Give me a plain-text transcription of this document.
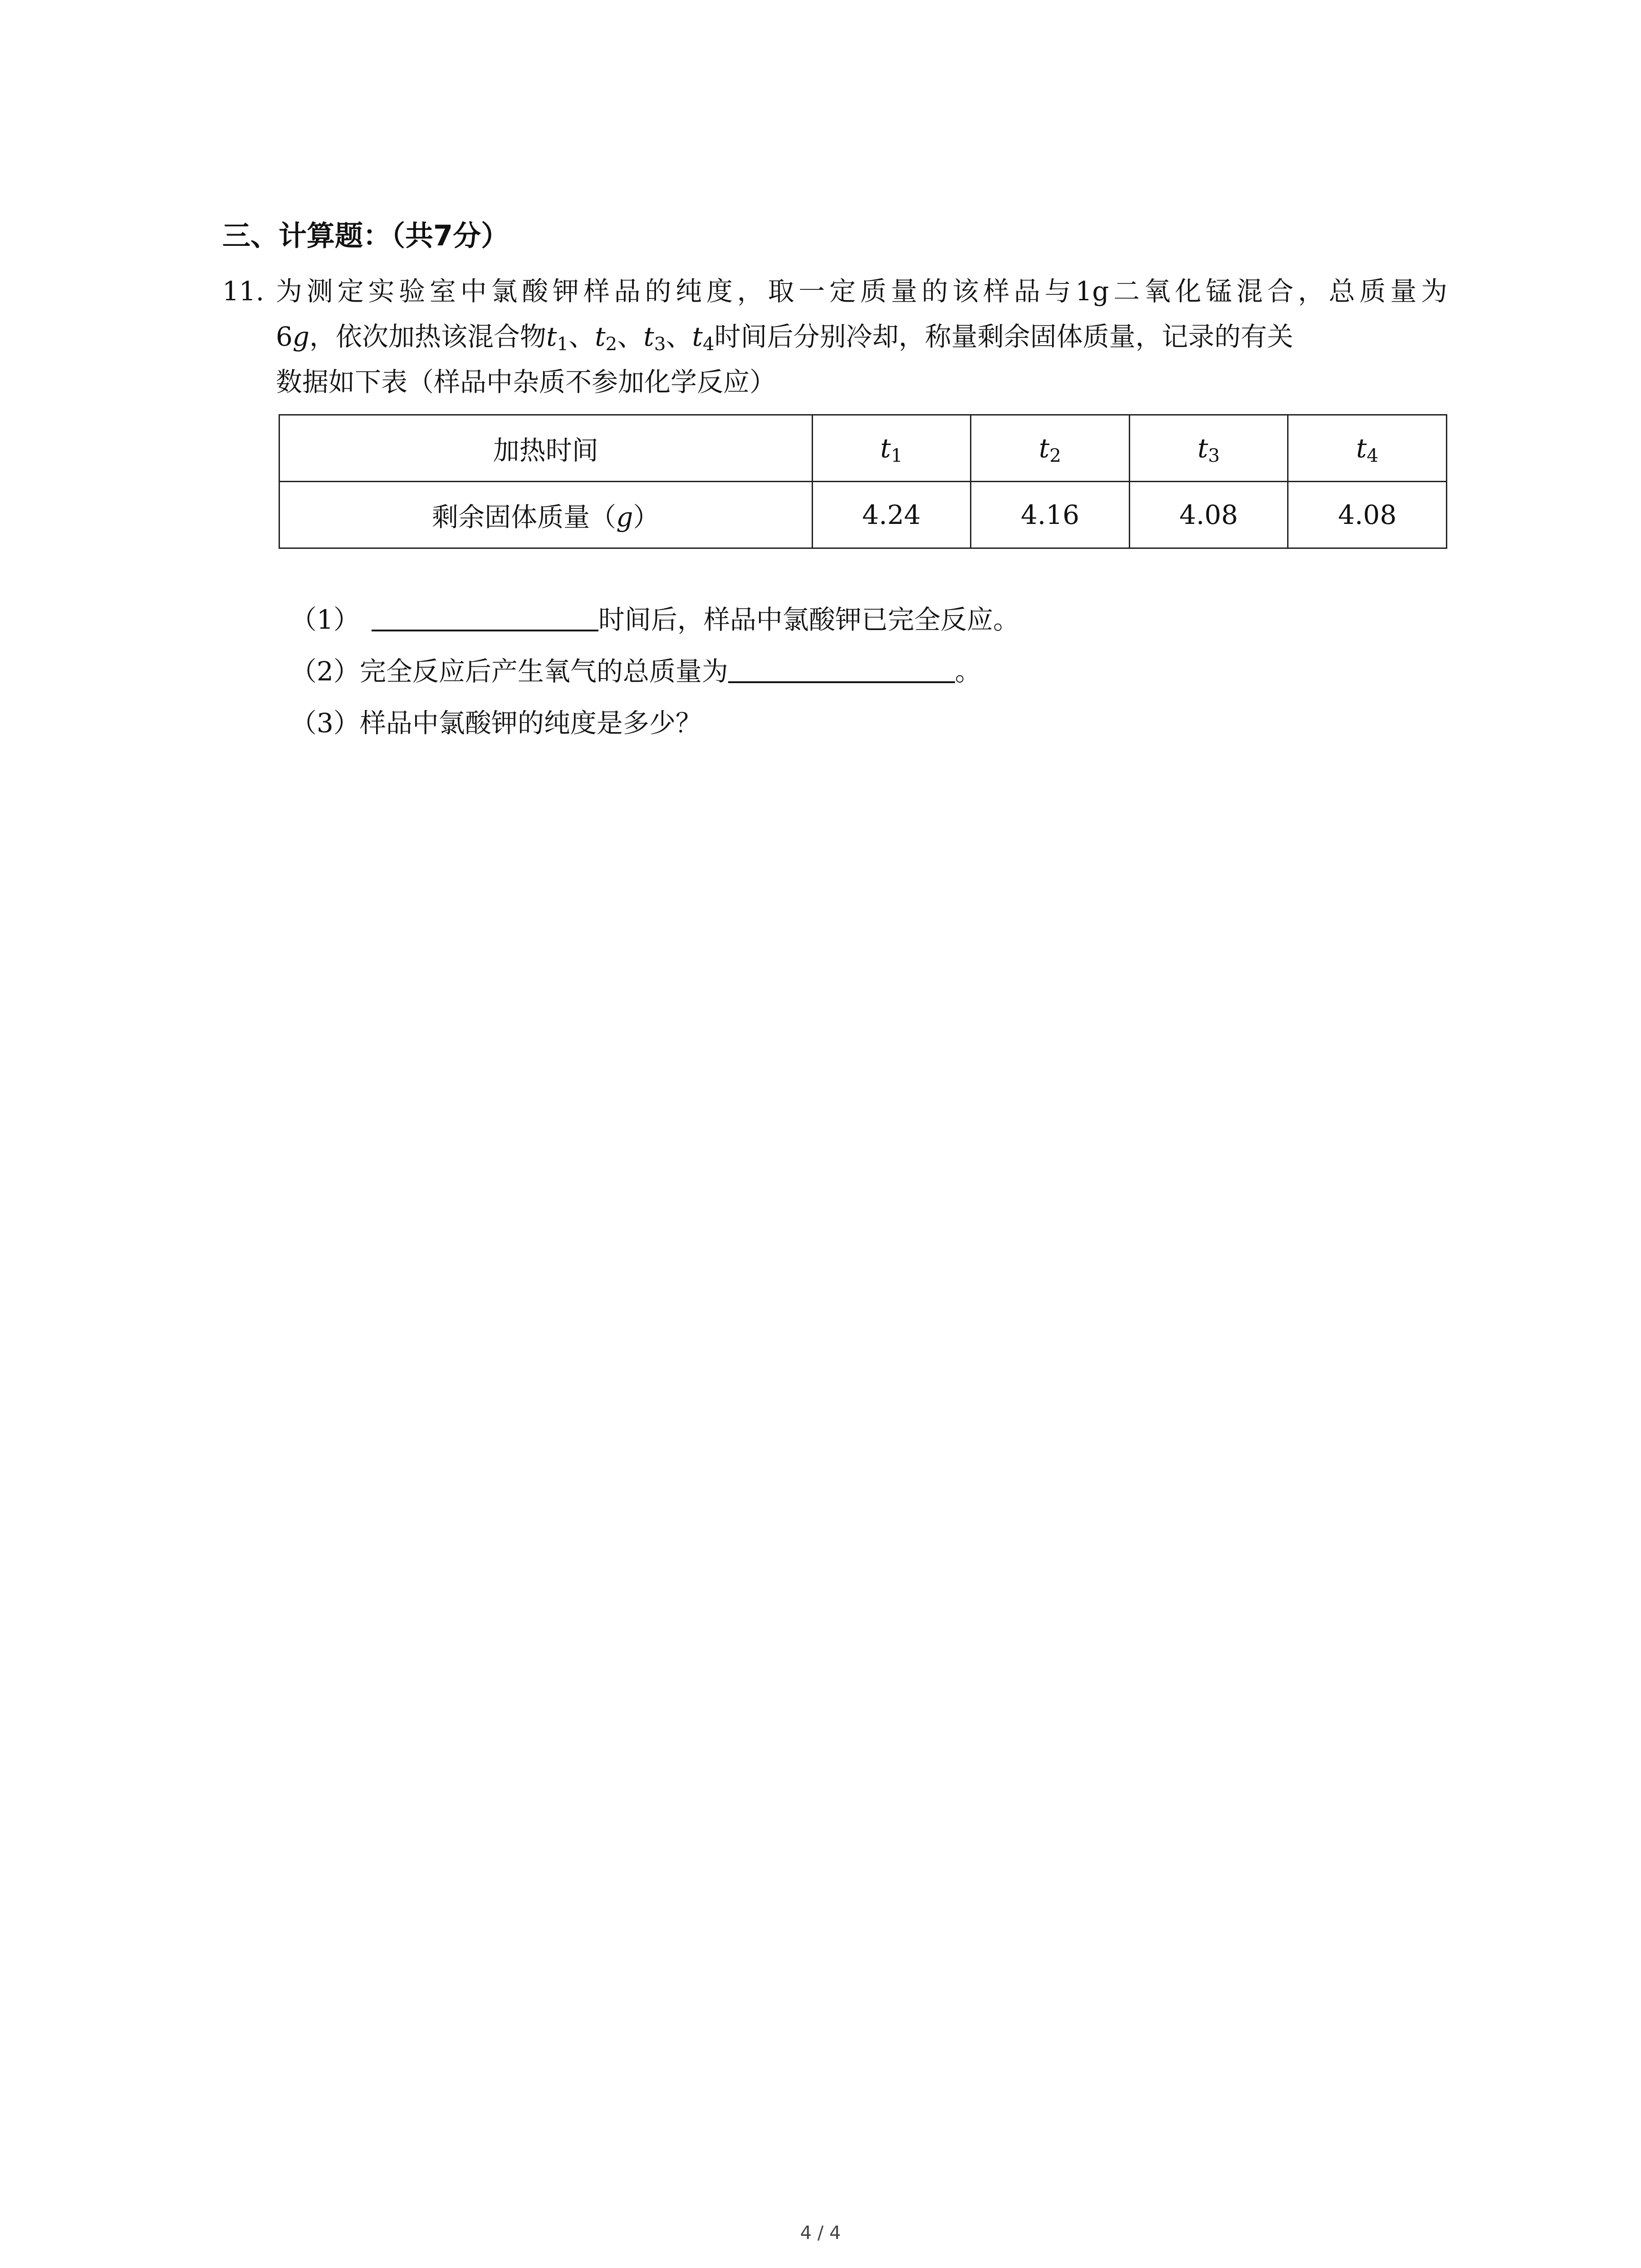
三、计算题：（共7分）
11. 为测定实验室中氯酸钾样品的纯度，取一定质量的该样品与1g二氧化锰混合，总质量为
6g，依次加热该混合物$t_1$、$t_2$、$t_3$、$t_4$时间后分别冷却，称量剩余固体质量，记录的有关
数据如下表（样品中杂质不参加化学反应）
加热时间	$t_1$	$t_2$	$t_3$	$t_4$
剩余固体质量（g）	4.24	4.16	4.08	4.08
（1）	时间后，样品中氯酸钾已完全反应。
（2）完全反应后产生氧气的总质量为	。
（3）样品中氯酸钾的纯度是多少？
4 / 4
